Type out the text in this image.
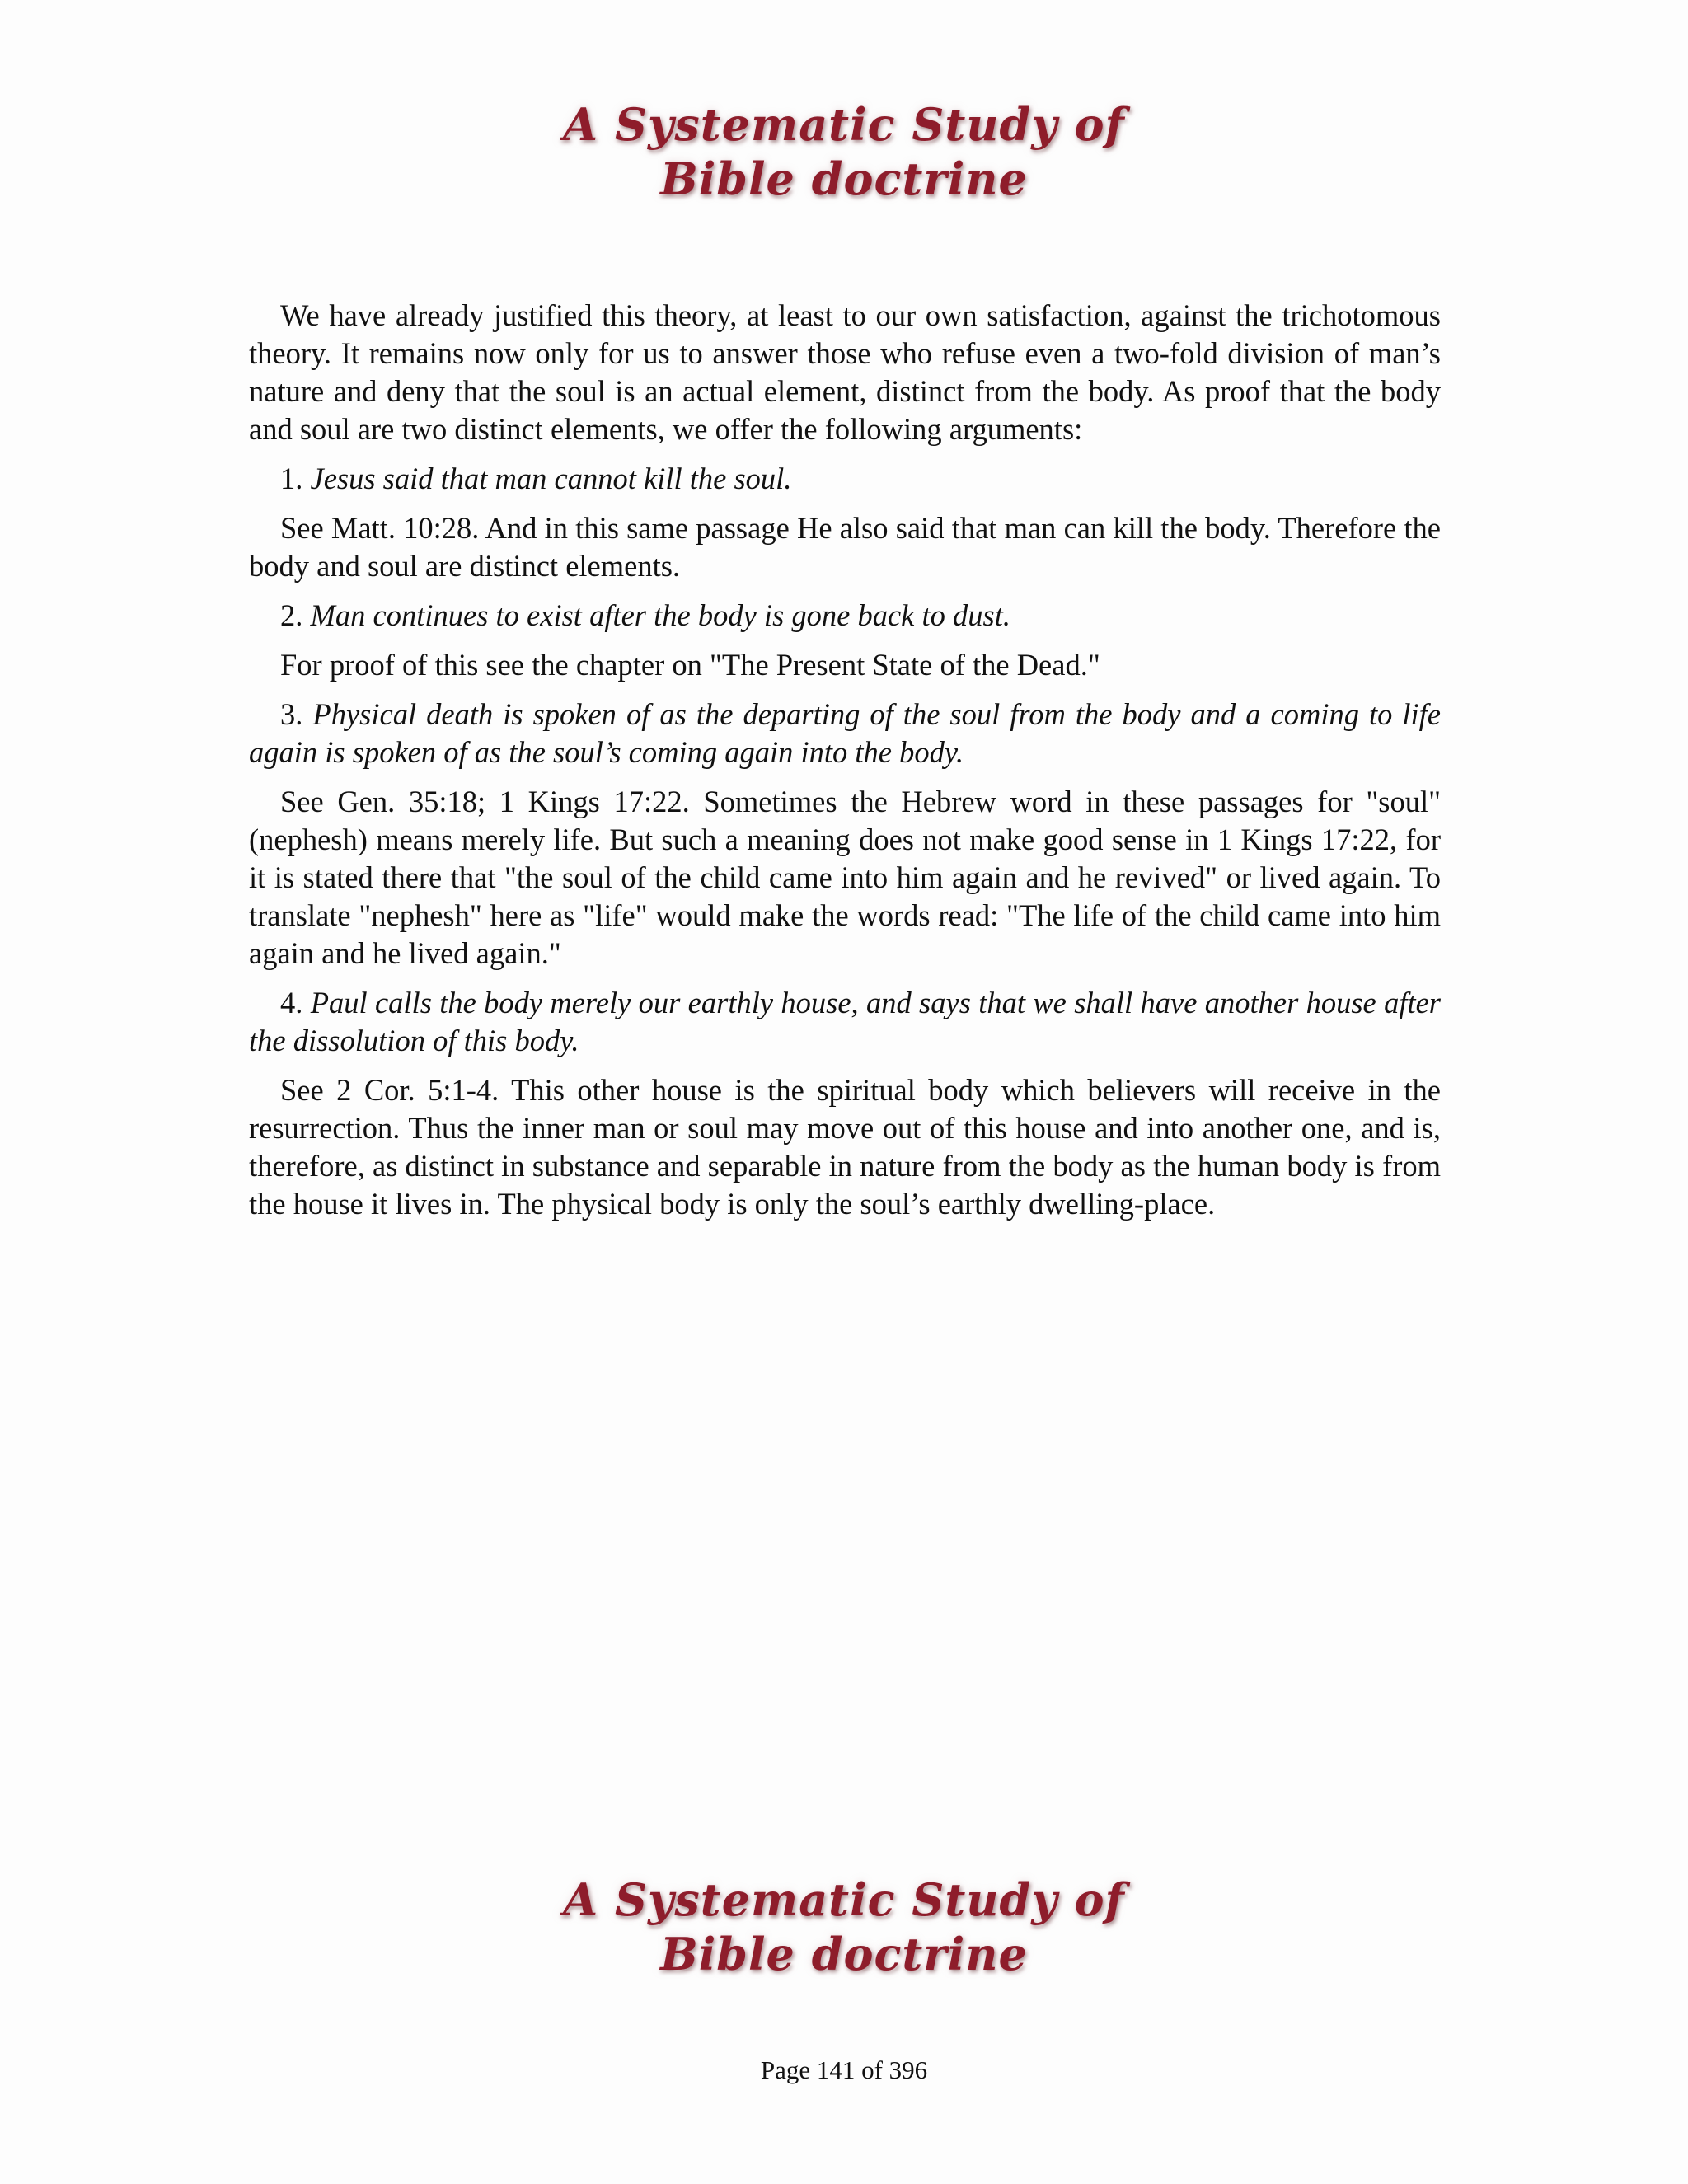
A Systematic Study of
Bible doctrine

We have already justified this theory, at least to our own satisfaction, against the trichotomous theory. It remains now only for us to answer those who refuse even a two-fold division of man’s nature and deny that the soul is an actual element, distinct from the body. As proof that the body and soul are two distinct elements, we offer the following arguments:

1. Jesus said that man cannot kill the soul.

See Matt. 10:28. And in this same passage He also said that man can kill the body. Therefore the body and soul are distinct elements.

2. Man continues to exist after the body is gone back to dust.

For proof of this see the chapter on "The Present State of the Dead."

3. Physical death is spoken of as the departing of the soul from the body and a coming to life again is spoken of as the soul’s coming again into the body.

See Gen. 35:18; 1 Kings 17:22. Sometimes the Hebrew word in these passages for "soul" (nephesh) means merely life. But such a meaning does not make good sense in 1 Kings 17:22, for it is stated there that "the soul of the child came into him again and he revived" or lived again. To translate "nephesh" here as "life" would make the words read: "The life of the child came into him again and he lived again."

4. Paul calls the body merely our earthly house, and says that we shall have another house after the dissolution of this body.

See 2 Cor. 5:1-4. This other house is the spiritual body which believers will receive in the resurrection. Thus the inner man or soul may move out of this house and into another one, and is, therefore, as distinct in substance and separable in nature from the body as the human body is from the house it lives in. The physical body is only the soul’s earthly dwelling-place.

A Systematic Study of
Bible doctrine
Page 141 of 396
